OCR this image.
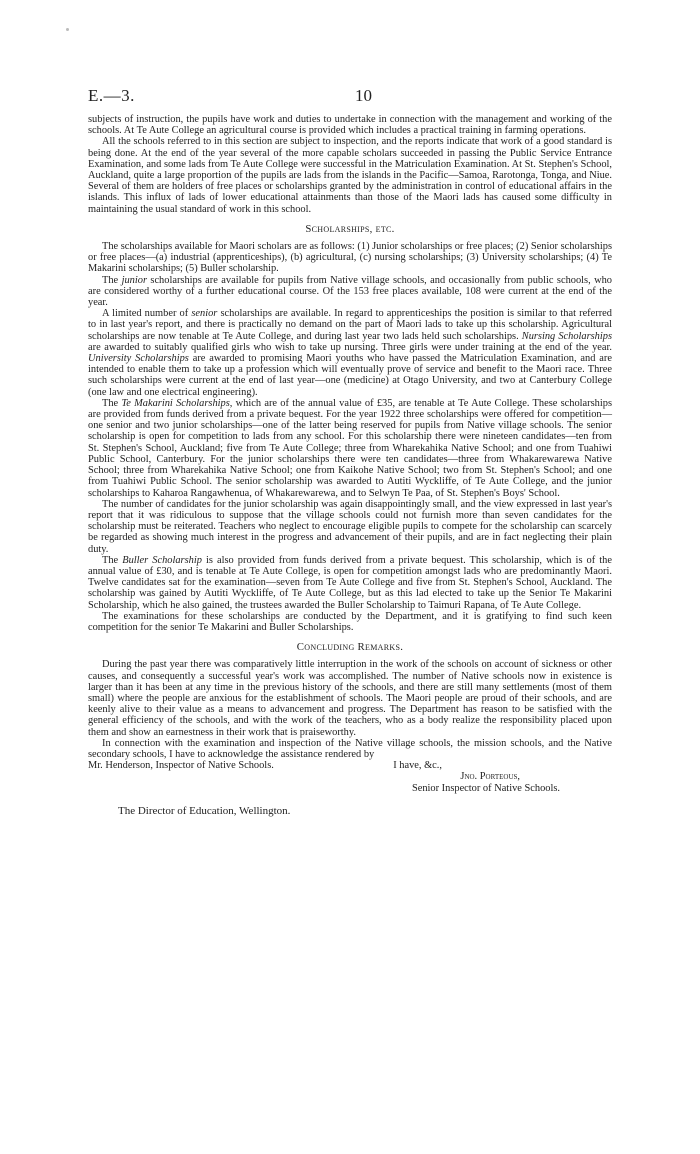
E.—3.	10

subjects of instruction, the pupils have work and duties to undertake in connection with the management and working of the schools. At Te Aute College an agricultural course is provided which includes a practical training in farming operations.

All the schools referred to in this section are subject to inspection, and the reports indicate that work of a good standard is being done. At the end of the year several of the more capable scholars succeeded in passing the Public Service Entrance Examination, and some lads from Te Aute College were successful in the Matriculation Examination. At St. Stephen's School, Auckland, quite a large proportion of the pupils are lads from the islands in the Pacific—Samoa, Rarotonga, Tonga, and Niue. Several of them are holders of free places or scholarships granted by the administration in control of educational affairs in the islands. This influx of lads of lower educational attainments than those of the Maori lads has caused some difficulty in maintaining the usual standard of work in this school.

Scholarships, etc.

The scholarships available for Maori scholars are as follows: (1) Junior scholarships or free places; (2) Senior scholarships or free places—(a) industrial (apprenticeships), (b) agricultural, (c) nursing scholarships; (3) University scholarships; (4) Te Makarini scholarships; (5) Buller scholarship.

The junior scholarships are available for pupils from Native village schools, and occasionally from public schools, who are considered worthy of a further educational course. Of the 153 free places available, 108 were current at the end of the year.

A limited number of senior scholarships are available. In regard to apprenticeships the position is similar to that referred to in last year's report, and there is practically no demand on the part of Maori lads to take up this scholarship. Agricultural scholarships are now tenable at Te Aute College, and during last year two lads held such scholarships. Nursing Scholarships are awarded to suitably qualified girls who wish to take up nursing. Three girls were under training at the end of the year. University Scholarships are awarded to promising Maori youths who have passed the Matriculation Examination, and are intended to enable them to take up a profession which will eventually prove of service and benefit to the Maori race. Three such scholarships were current at the end of last year—one (medicine) at Otago University, and two at Canterbury College (one law and one electrical engineering).

The Te Makarini Scholarships, which are of the annual value of £35, are tenable at Te Aute College. These scholarships are provided from funds derived from a private bequest. For the year 1922 three scholarships were offered for competition—one senior and two junior scholarships—one of the latter being reserved for pupils from Native village schools. The senior scholarship is open for competition to lads from any school. For this scholarship there were nineteen candidates—ten from St. Stephen's School, Auckland; five from Te Aute College; three from Wharekahika Native School; and one from Tuahiwi Public School, Canterbury. For the junior scholarships there were ten candidates—three from Whakarewarewa Native School; three from Wharekahika Native School; one from Kaikohe Native School; two from St. Stephen's School; and one from Tuahiwi Public School. The senior scholarship was awarded to Autiti Wyckliffe, of Te Aute College, and the junior scholarships to Kaharoa Rangawhenua, of Whakarewarewa, and to Selwyn Te Paa, of St. Stephen's Boys' School.

The number of candidates for the junior scholarship was again disappointingly small, and the view expressed in last year's report that it was ridiculous to suppose that the village schools could not furnish more than seven candidates for the scholarship must be reiterated. Teachers who neglect to encourage eligible pupils to compete for the scholarship can scarcely be regarded as showing much interest in the progress and advancement of their pupils, and are in fact neglecting their plain duty.

The Buller Scholarship is also provided from funds derived from a private bequest. This scholarship, which is of the annual value of £30, and is tenable at Te Aute College, is open for competition amongst lads who are predominantly Maori. Twelve candidates sat for the examination—seven from Te Aute College and five from St. Stephen's School, Auckland. The scholarship was gained by Autiti Wyckliffe, of Te Aute College, but as this lad elected to take up the Senior Te Makarini Scholarship, which he also gained, the trustees awarded the Buller Scholarship to Taimuri Rapana, of Te Aute College.

The examinations for these scholarships are conducted by the Department, and it is gratifying to find such keen competition for the senior Te Makarini and Buller Scholarships.

Concluding Remarks.

During the past year there was comparatively little interruption in the work of the schools on account of sickness or other causes, and consequently a successful year's work was accomplished. The number of Native schools now in existence is larger than it has been at any time in the previous history of the schools, and there are still many settlements (most of them small) where the people are anxious for the establishment of schools. The Maori people are proud of their schools, and are keenly alive to their value as a means to advancement and progress. The Department has reason to be satisfied with the general efficiency of the schools, and with the work of the teachers, who as a body realize the responsibility placed upon them and show an earnestness in their work that is praiseworthy.

In connection with the examination and inspection of the Native village schools, the mission schools, and the Native secondary schools, I have to acknowledge the assistance rendered by

Mr. Henderson, Inspector of Native Schools.	I have, &c.,
Jno. Porteous,
Senior Inspector of Native Schools.
The Director of Education, Wellington.
